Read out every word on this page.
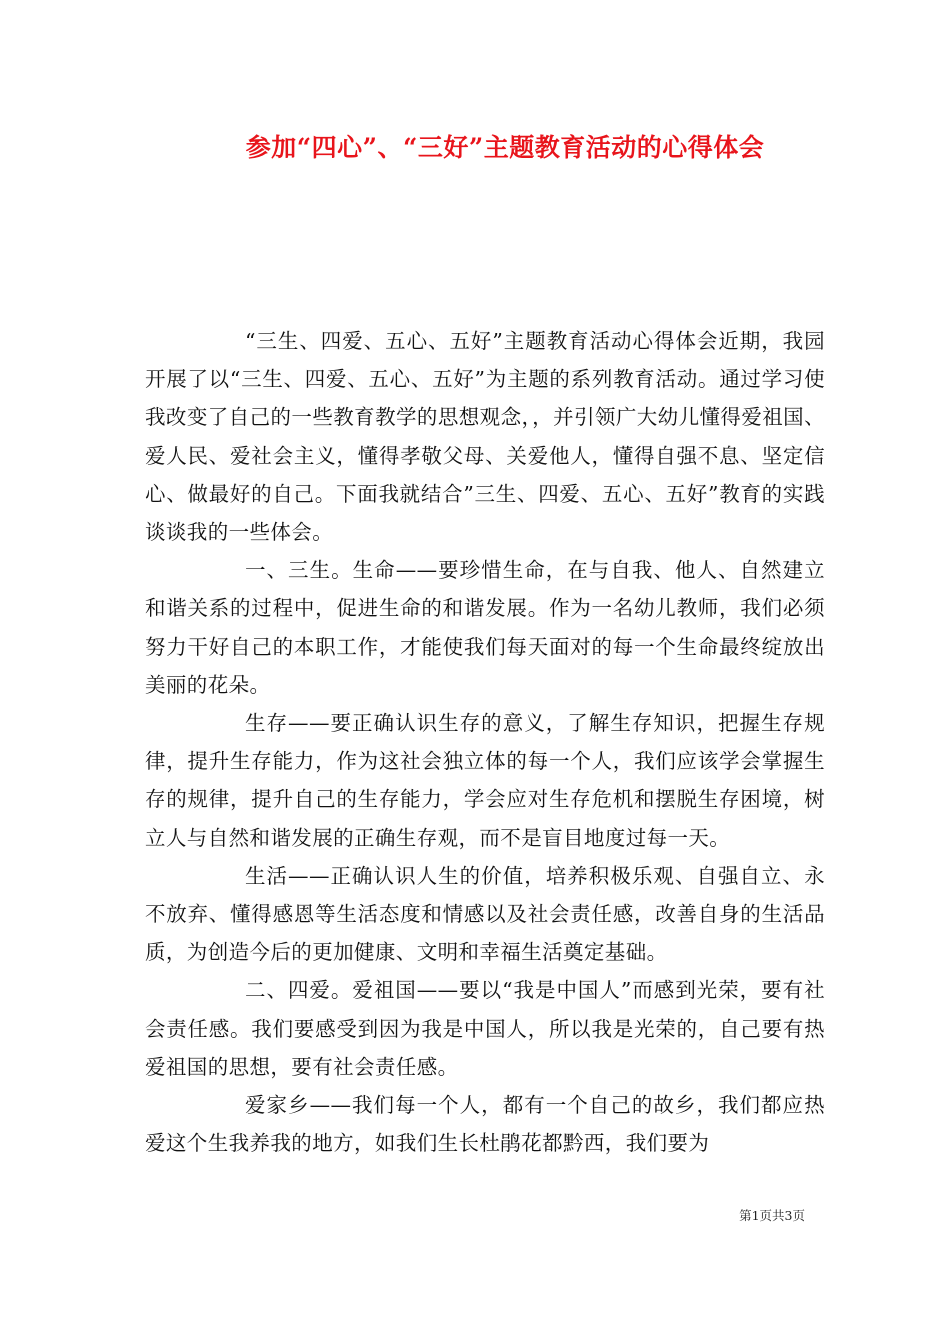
参加“四心”、“三好”主题教育活动的心得体会

“三生、四爱、五心、五好”主题教育活动心得体会近期，我园开展了以“三生、四爱、五心、五好”为主题的系列教育活动。通过学习使我改变了自己的一些教育教学的思想观念，，并引领广大幼儿懂得爱祖国、爱人民、爱社会主义，懂得孝敬父母、关爱他人，懂得自强不息、坚定信心、做最好的自己。下面我就结合”三生、四爱、五心、五好”教育的实践谈谈我的一些体会。

一、三生。生命——要珍惜生命，在与自我、他人、自然建立和谐关系的过程中，促进生命的和谐发展。作为一名幼儿教师，我们必须努力干好自己的本职工作，才能使我们每天面对的每一个生命最终绽放出美丽的花朵。

生存——要正确认识生存的意义，了解生存知识，把握生存规律，提升生存能力，作为这社会独立体的每一个人，我们应该学会掌握生存的规律，提升自己的生存能力，学会应对生存危机和摆脱生存困境，树立人与自然和谐发展的正确生存观，而不是盲目地度过每一天。

生活——正确认识人生的价值，培养积极乐观、自强自立、永不放弃、懂得感恩等生活态度和情感以及社会责任感，改善自身的生活品质，为创造今后的更加健康、文明和幸福生活奠定基础。

二、四爱。爱祖国——要以“我是中国人”而感到光荣，要有社会责任感。我们要感受到因为我是中国人，所以我是光荣的，自己要有热爱祖国的思想，要有社会责任感。

爱家乡——我们每一个人，都有一个自己的故乡，我们都应热爱这个生我养我的地方，如我们生长杜鹃花都黔西，我们要为

第1页共3页
